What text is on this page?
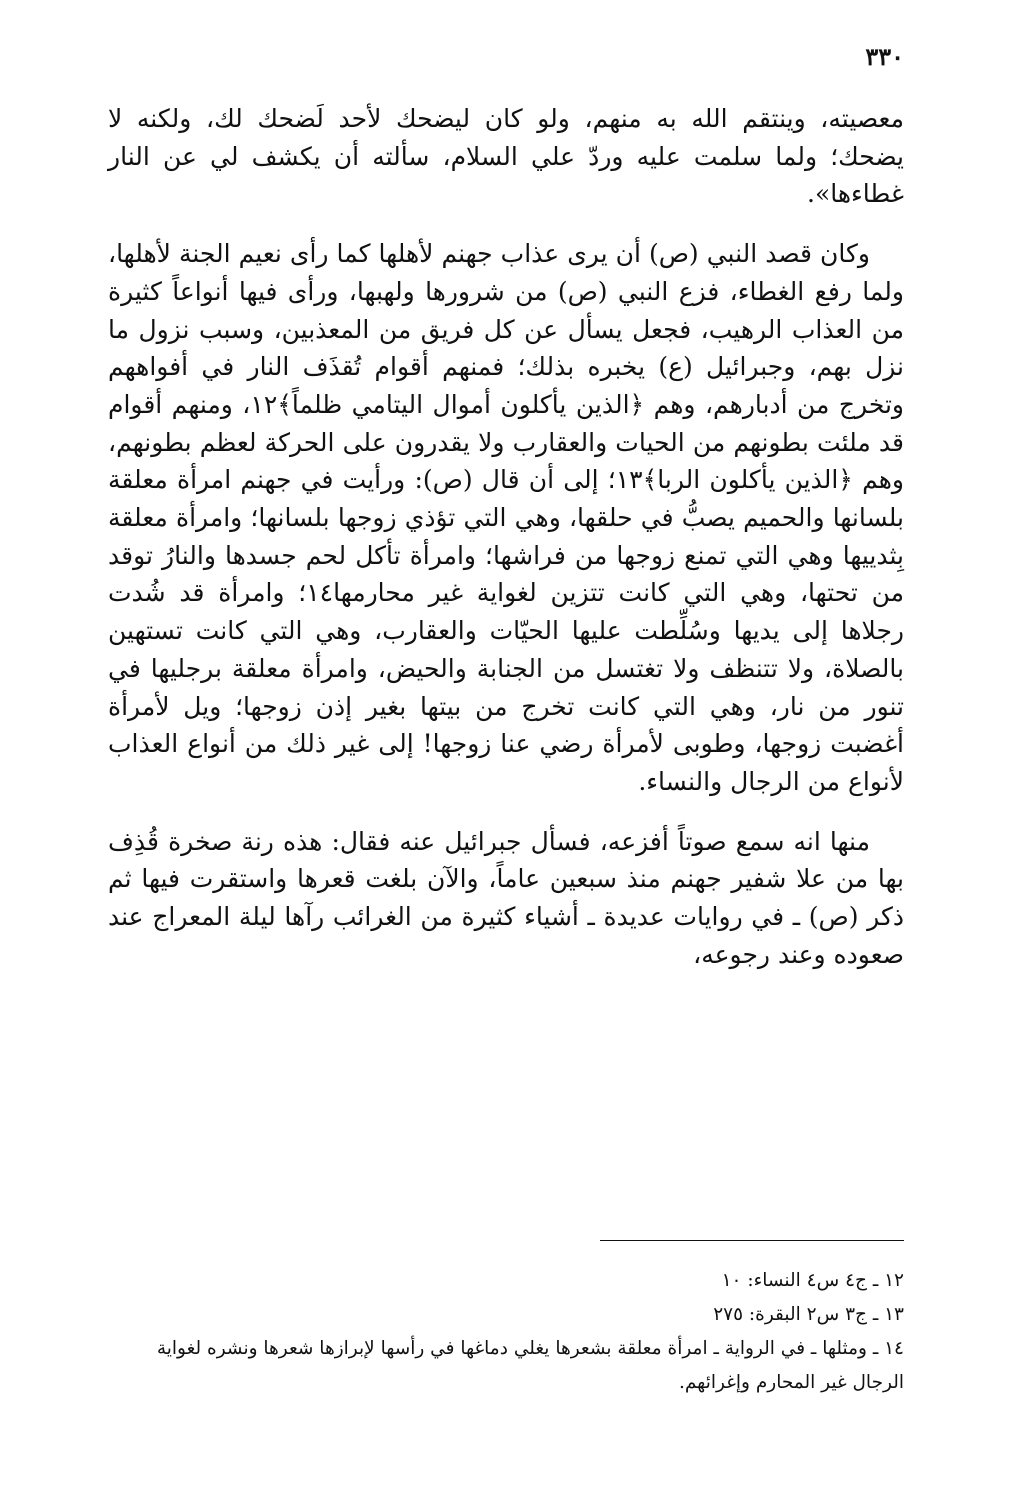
٣٣٠

معصيته، وينتقم الله به منهم، ولو كان ليضحك لأحد لَضحك لك، ولكنه لا يضحك؛ ولما سلمت عليه وردّ علي السلام، سألته أن يكشف لي عن النار غطاءها».

وكان قصد النبي (ص) أن يرى عذاب جهنم لأهلها كما رأى نعيم الجنة لأهلها، ولما رفع الغطاء، فزع النبي (ص) من شرورها ولهبها، ورأى فيها أنواعاً كثيرة من العذاب الرهيب، فجعل يسأل عن كل فريق من المعذبين، وسبب نزول ما نزل بهم، وجبرائيل (ع) يخبره بذلك؛ فمنهم أقوام تُقذَف النار في أفواههم وتخرج من أدبارهم، وهم ﴿الذين يأكلون أموال اليتامي ظلماً﴾١٢، ومنهم أقوام قد ملئت بطونهم من الحيات والعقارب ولا يقدرون على الحركة لعظم بطونهم، وهم ﴿الذين يأكلون الربا﴾١٣؛ إلى أن قال (ص): ورأيت في جهنم امرأة معلقة بلسانها والحميم يصبُّ في حلقها، وهي التي تؤذي زوجها بلسانها؛ وامرأة معلقة بِثدييها وهي التي تمنع زوجها من فراشها؛ وامرأة تأكل لحم جسدها والنارُ توقد من تحتها، وهي التي كانت تتزين لغواية غير محارمها١٤؛ وامرأة قد شُدت رجلاها إلى يديها وسُلِّطت عليها الحيّات والعقارب، وهي التي كانت تستهين بالصلاة، ولا تتنظف ولا تغتسل من الجنابة والحيض، وامرأة معلقة برجليها في تنور من نار، وهي التي كانت تخرج من بيتها بغير إذن زوجها؛ ويل لأمرأة أغضبت زوجها، وطوبى لأمرأة رضي عنا زوجها! إلى غير ذلك من أنواع العذاب لأنواع من الرجال والنساء.

منها انه سمع صوتاً أفزعه، فسأل جبرائيل عنه فقال: هذه رنة صخرة قُذِف بها من علا شفير جهنم منذ سبعين عاماً، والآن بلغت قعرها واستقرت فيها ثم ذكر (ص) ـ في روايات عديدة ـ أشياء كثيرة من الغرائب رآها ليلة المعراج عند صعوده وعند رجوعه،

١٢ ـ ج٤ س٤ النساء: ١٠

١٣ ـ ج٣ س٢ البقرة: ٢٧٥

١٤ ـ ومثلها ـ في الرواية ـ امرأة معلقة بشعرها يغلي دماغها في رأسها لإبرازها شعرها ونشره لغواية الرجال غير المحارم وإغرائهم.
